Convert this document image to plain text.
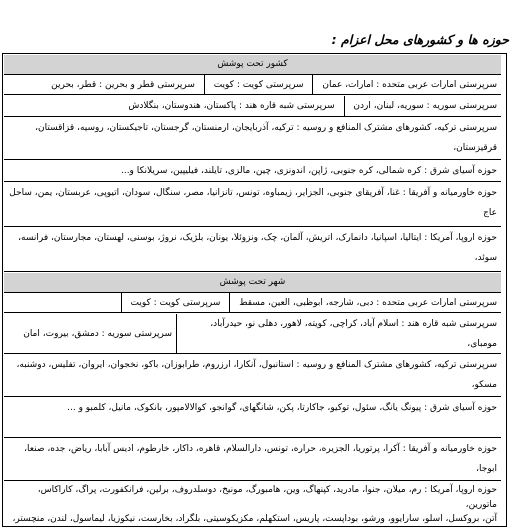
حوزه ها و کشورهای محل اعزام :
کشور تحت پوشش
سرپرستی امارات عربی متحده : امارات، عمان  سرپرستی کویت : کویت  سرپرستی قطر و بحرین : قطر، بحرین
سرپرستی سوریه : سوریه، لبنان، اردن  سرپرستی شبه قاره هند : پاکستان، هندوستان، بنگلادش
سرپرستی ترکیه، کشورهای مشترک المنافع و روسیه : ترکیه، آذربایجان، ارمنستان، گرجستان، تاجیکستان، روسیه، قزاقستان، قرقیزستان،
حوزه آسیای شرق : کره شمالی، کره جنوبی، ژاپن، اندونزی، چین، مالزی، تایلند، فیلیپین، سریلانکا و...
حوزه خاورمیانه و آفریقا : غنا، آفریقای جنوبی، الجزایر، زیمباوه، تونس، تانزانیا، مصر، سنگال، سودان، اتیوپی، عربستان، یمن، ساحل عاج
حوزه اروپا، آمریکا : ایتالیا، اسپانیا، دانمارک، اتریش، آلمان، چک، ونزوئلا، یونان، بلژیک، نروژ، بوسنی، لهستان، مجارستان، فرانسه، سوئد،
شهر تحت پوشش
سرپرستی امارات عربی متحده : دبی، شارجه، ابوظبی، العین، مسقط  سرپرستی کویت : کویت
سرپرستی شبه قاره هند : اسلام آباد، کراچی، کویته، لاهور، دهلی نو، حیدرآباد، مومبای،
سرپرستی سوریه : دمشق، بیروت، امان
سرپرستی ترکیه، کشورهای مشترک المنافع و روسیه : استانبول، آنکارا، ارزروم، طرابوزان، باکو، نخجوان، ایروان، تفلیس، دوشنبه، مسکو،
حوزه آسیای شرق : پیونگ یانگ، سئول، توکیو، جاکارتا، پکن، شانگهای، گوانجو، کوالالامپور، بانکوک، مانیل، کلمبو و ...
حوزه خاورمیانه و آفریقا : آکرا، پرتوریا، الجزیره، حراره، تونس، دارالسلام، قاهره، داکار، خارطوم، ادیس آبابا، ریاض، جده، صنعا، ابوجا،
حوزه اروپا، آمریکا : رم، میلان، جنوا، مادرید، کپنهاگ، وین، هامبورگ، مونیخ، دوسلدروف، برلین، فرانکفورت، پراگ، کاراکاس، ماتورین،
آتن، بروکسل، اسلو، سارایوو، ورشو، بوداپست، پاریس، استکهلم، مکزیکوسیتی، بلگراد، بخارست، نیکوزیا، لیماسول، لندن، منچستر،
